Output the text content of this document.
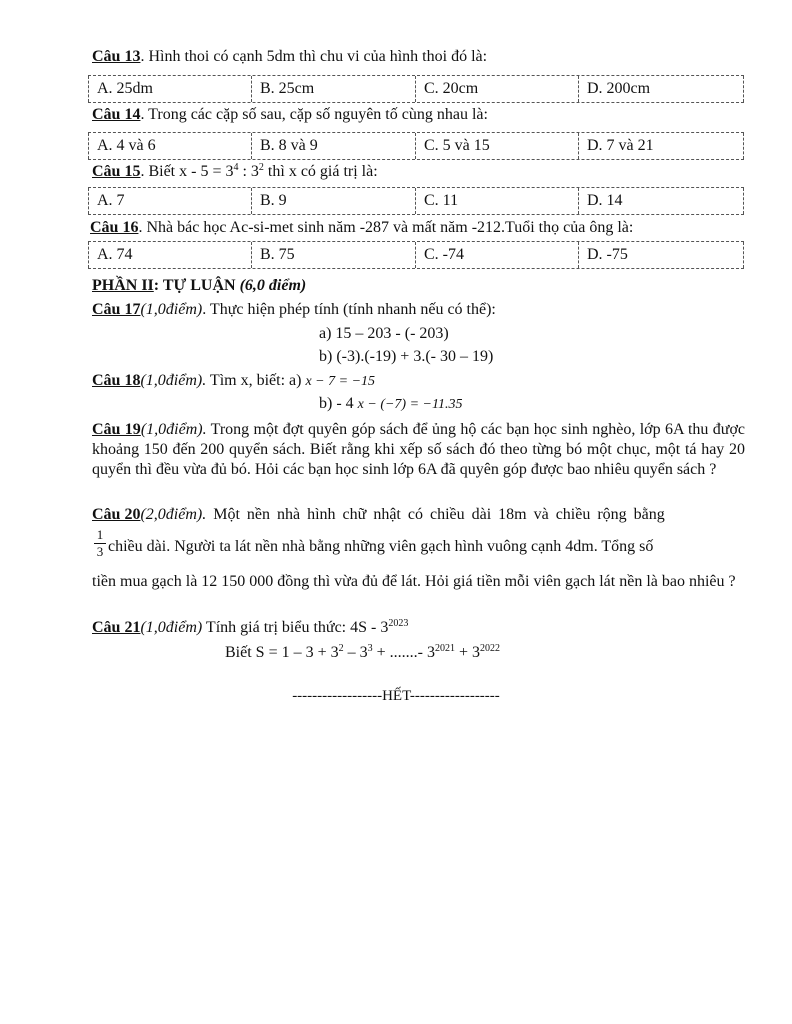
Câu 13. Hình thoi có cạnh 5dm thì chu vi của hình thoi đó là:
A. 25dm	B. 25cm	C. 20cm	D. 200cm
Câu 14. Trong các cặp số sau, cặp số nguyên tố cùng nhau là:
A. 4 và 6	B. 8 và 9	C. 5 và 15	D. 7 và 21
Câu 15. Biết $x - 5 = 3^4$ : $3^2$ thì x có giá trị là:
A. 7	B. 9	C. 11	D. 14
Câu 16. Nhà bác học Ac-si-met sinh năm -287 và mất năm -212.Tuổi thọ của ông là:
A. 74	B. 75	C. -74	D. -75
PHẦN II: TỰ LUẬN (6,0 điểm)
Câu 17(1,0điểm). Thực hiện phép tính (tính nhanh nếu có thể):
a) 15 – 203 - (- 203)
b) (-3).(-19) + 3.(- 30 – 19)
Câu 18(1,0điểm). Tìm x, biết: a) x − 7 = −15
b) - 4 x − (−7) = −11.35
Câu 19(1,0điểm). Trong một đợt quyên góp sách để ủng hộ các bạn học sinh nghèo, lớp 6A thu được khoảng 150 đến 200 quyển sách. Biết rằng khi xếp số sách đó theo từng bó một chục, một tá hay 20 quyển thì đều vừa đủ bó. Hỏi các bạn học sinh lớp 6A đã quyên góp được bao nhiêu quyển sách ?
Câu 20(2,0điểm). Một nền nhà hình chữ nhật có chiều dài 18m và chiều rộng bằng
1
3 chiều dài. Người ta lát nền nhà bằng những viên gạch hình vuông cạnh 4dm. Tổng số
tiền mua gạch là 12 150 000 đồng thì vừa đủ để lát. Hỏi giá tiền mỗi viên gạch lát nền là bao nhiêu ?
Câu 21(1,0điểm) Tính giá trị biểu thức: $4S - 3^{2023}$
Biết $S = 1 - 3 + 3^2 - 3^3$ + .......- $3^{2021} + 3^{2022}$
------------------HẾT------------------
